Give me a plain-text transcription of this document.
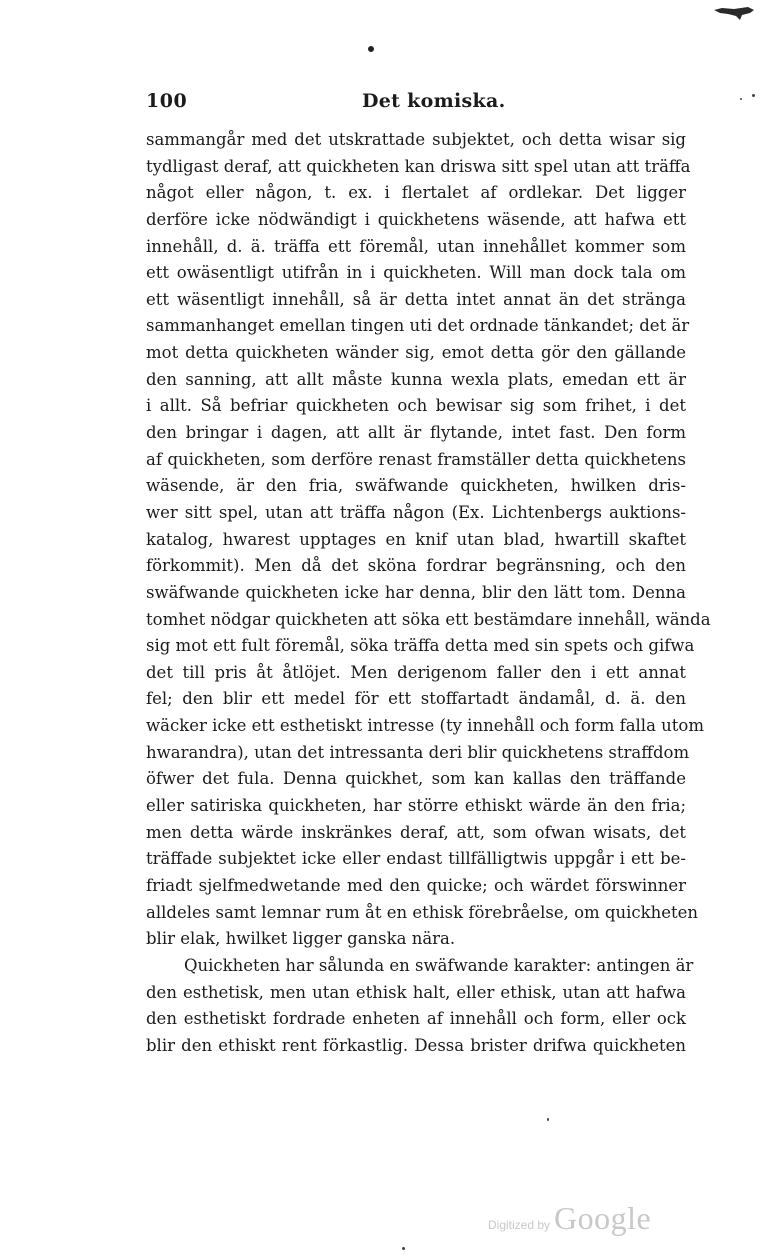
100	Det komiska.
sammangår med det utskrattade subjektet, och detta wisar sig
tydligast deraf, att quickheten kan driswa sitt spel utan att träffa
något eller någon, t. ex. i flertalet af ordlekar. Det ligger
derföre icke nödwändigt i quickhetens wäsende, att hafwa ett
innehåll, d. ä. träffa ett föremål, utan innehållet kommer som
ett owäsentligt utifrån in i quickheten. Will man dock tala om
ett wäsentligt innehåll, så är detta intet annat än det stränga
sammanhanget emellan tingen uti det ordnade tänkandet; det är
mot detta quickheten wänder sig, emot detta gör den gällande
den sanning, att allt måste kunna wexla plats, emedan ett är
i allt. Så befriar quickheten och bewisar sig som frihet, i det
den bringar i dagen, att allt är flytande, intet fast. Den form
af quickheten, som derföre renast framställer detta quickhetens
wäsende, är den fria, swäfwande quickheten, hwilken dris-
wer sitt spel, utan att träffa någon (Ex. Lichtenbergs auktions-
katalog, hwarest upptages en knif utan blad, hwartill skaftet
förkommit). Men då det sköna fordrar begränsning, och den
swäfwande quickheten icke har denna, blir den lätt tom. Denna
tomhet nödgar quickheten att söka ett bestämdare innehåll, wända
sig mot ett fult föremål, söka träffa detta med sin spets och gifwa
det till pris åt åtlöjet. Men derigenom faller den i ett annat
fel; den blir ett medel för ett stoffartadt ändamål, d. ä. den
wäcker icke ett esthetiskt intresse (ty innehåll och form falla utom
hwarandra), utan det intressanta deri blir quickhetens straffdom
öfwer det fula. Denna quickhet, som kan kallas den träffande
eller satiriska quickheten, har större ethiskt wärde än den fria;
men detta wärde inskränkes deraf, att, som ofwan wisats, det
träffade subjektet icke eller endast tillfälligtwis uppgår i ett be-
friadt sjelfmedwetande med den quicke; och wärdet förswinner
alldeles samt lemnar rum åt en ethisk förebråelse, om quickheten
blir elak, hwilket ligger ganska nära.
Quickheten har sålunda en swäfwande karakter: antingen är
den esthetisk, men utan ethisk halt, eller ethisk, utan att hafwa
den esthetiskt fordrade enheten af innehåll och form, eller ock
blir den ethiskt rent förkastlig. Dessa brister drifwa quickheten
Digitized by Google
